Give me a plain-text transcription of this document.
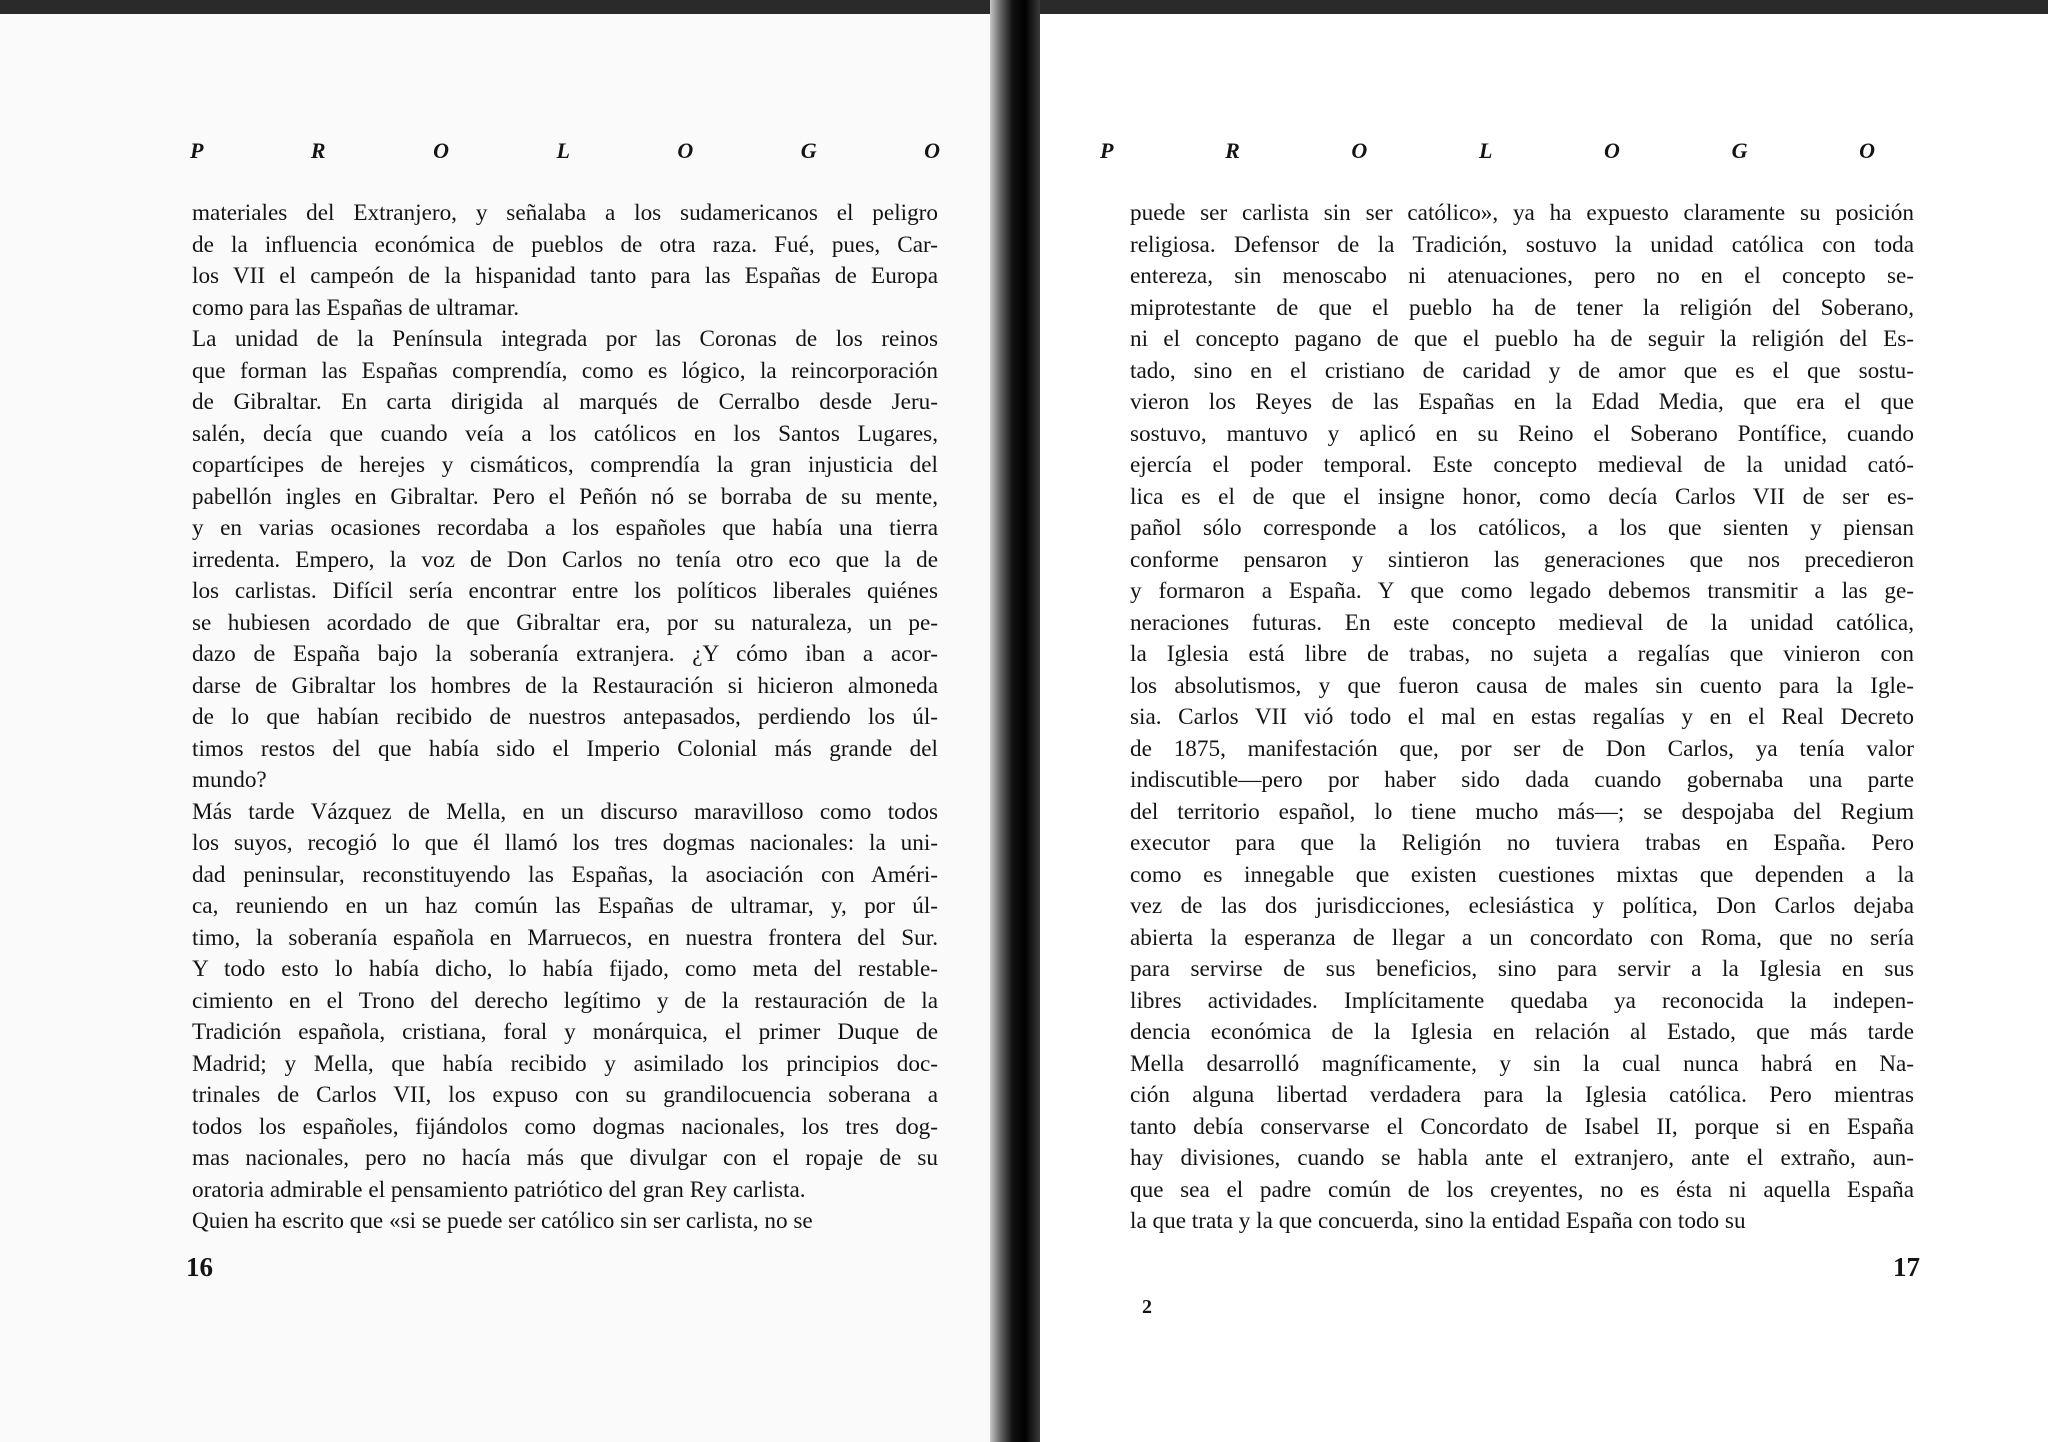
P	R	O	L	O	G	O
materiales del Extranjero, y señalaba a los sudamericanos el peligro
de la influencia económica de pueblos de otra raza. Fué, pues, Car-
los VII el campeón de la hispanidad tanto para las Españas de Europa
como para las Españas de ultramar.
La unidad de la Península integrada por las Coronas de los reinos
que forman las Españas comprendía, como es lógico, la reincorporación
de Gibraltar. En carta dirigida al marqués de Cerralbo desde Jeru-
salén, decía que cuando veía a los católicos en los Santos Lugares,
copartícipes de herejes y cismáticos, comprendía la gran injusticia del
pabellón ingles en Gibraltar. Pero el Peñón nó se borraba de su mente,
y en varias ocasiones recordaba a los españoles que había una tierra
irredenta. Empero, la voz de Don Carlos no tenía otro eco que la de
los carlistas. Difícil sería encontrar entre los políticos liberales quiénes
se hubiesen acordado de que Gibraltar era, por su naturaleza, un pe-
dazo de España bajo la soberanía extranjera. ¿Y cómo iban a acor-
darse de Gibraltar los hombres de la Restauración si hicieron almoneda
de lo que habían recibido de nuestros antepasados, perdiendo los úl-
timos restos del que había sido el Imperio Colonial más grande del
mundo?
Más tarde Vázquez de Mella, en un discurso maravilloso como todos
los suyos, recogió lo que él llamó los tres dogmas nacionales: la uni-
dad peninsular, reconstituyendo las Españas, la asociación con Améri-
ca, reuniendo en un haz común las Españas de ultramar, y, por úl-
timo, la soberanía española en Marruecos, en nuestra frontera del Sur.
Y todo esto lo había dicho, lo había fijado, como meta del restable-
cimiento en el Trono del derecho legítimo y de la restauración de la
Tradición española, cristiana, foral y monárquica, el primer Duque de
Madrid; y Mella, que había recibido y asimilado los principios doc-
trinales de Carlos VII, los expuso con su grandilocuencia soberana a
todos los españoles, fijándolos como dogmas nacionales, los tres dog-
mas nacionales, pero no hacía más que divulgar con el ropaje de su
oratoria admirable el pensamiento patriótico del gran Rey carlista.
Quien ha escrito que «si se puede ser católico sin ser carlista, no se
16
P	R	O	L	O	G	O
puede ser carlista sin ser católico», ya ha expuesto claramente su posición
religiosa. Defensor de la Tradición, sostuvo la unidad católica con toda
entereza, sin menoscabo ni atenuaciones, pero no en el concepto se-
miprotestante de que el pueblo ha de tener la religión del Soberano,
ni el concepto pagano de que el pueblo ha de seguir la religión del Es-
tado, sino en el cristiano de caridad y de amor que es el que sostu-
vieron los Reyes de las Españas en la Edad Media, que era el que
sostuvo, mantuvo y aplicó en su Reino el Soberano Pontífice, cuando
ejercía el poder temporal. Este concepto medieval de la unidad cató-
lica es el de que el insigne honor, como decía Carlos VII de ser es-
pañol sólo corresponde a los católicos, a los que sienten y piensan
conforme pensaron y sintieron las generaciones que nos precedieron
y formaron a España. Y que como legado debemos transmitir a las ge-
neraciones futuras. En este concepto medieval de la unidad católica,
la Iglesia está libre de trabas, no sujeta a regalías que vinieron con
los absolutismos, y que fueron causa de males sin cuento para la Igle-
sia. Carlos VII vió todo el mal en estas regalías y en el Real Decreto
de 1875, manifestación que, por ser de Don Carlos, ya tenía valor
indiscutible—pero por haber sido dada cuando gobernaba una parte
del territorio español, lo tiene mucho más—; se despojaba del Regium
executor para que la Religión no tuviera trabas en España. Pero
como es innegable que existen cuestiones mixtas que dependen a la
vez de las dos jurisdicciones, eclesiástica y política, Don Carlos dejaba
abierta la esperanza de llegar a un concordato con Roma, que no sería
para servirse de sus beneficios, sino para servir a la Iglesia en sus
libres actividades. Implícitamente quedaba ya reconocida la indepen-
dencia económica de la Iglesia en relación al Estado, que más tarde
Mella desarrolló magníficamente, y sin la cual nunca habrá en Na-
ción alguna libertad verdadera para la Iglesia católica. Pero mientras
tanto debía conservarse el Concordato de Isabel II, porque si en España
hay divisiones, cuando se habla ante el extranjero, ante el extraño, aun-
que sea el padre común de los creyentes, no es ésta ni aquella España
la que trata y la que concuerda, sino la entidad España con todo su
17
2
